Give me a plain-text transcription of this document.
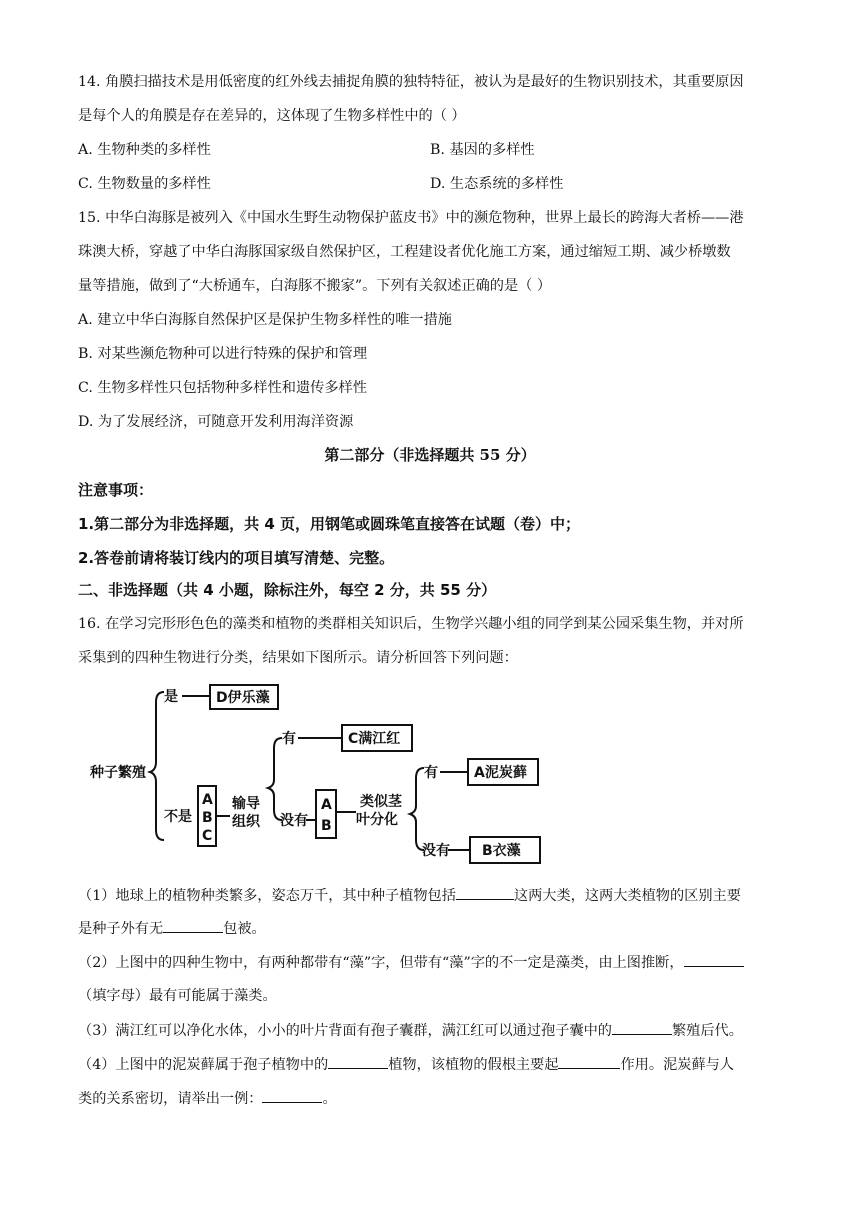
14. 角膜扫描技术是用低密度的红外线去捕捉角膜的独特特征，被认为是最好的生物识别技术，其重要原因
是每个人的角膜是存在差异的，这体现了生物多样性中的（ ）
A. 生物种类的多样性	B. 基因的多样性
C. 生物数量的多样性	D. 生态系统的多样性
15. 中华白海豚是被列入《中国水生野生动物保护蓝皮书》中的濒危物种，世界上最长的跨海大者桥——港
珠澳大桥，穿越了中华白海豚国家级自然保护区，工程建设者优化施工方案，通过缩短工期、减少桥墩数
量等措施，做到了“大桥通车，白海豚不搬家”。下列有关叙述正确的是（ ）
A. 建立中华白海豚自然保护区是保护生物多样性的唯一措施
B. 对某些濒危物种可以进行特殊的保护和管理
C. 生物多样性只包括物种多样性和遗传多样性
D. 为了发展经济，可随意开发利用海洋资源
第二部分（非选择题共 55 分）
注意事项：
1.第二部分为非选择题，共 4 页，用钢笔或圆珠笔直接答在试题（卷）中；
2.答卷前请将装订线内的项目填写清楚、完整。
二、非选择题（共 4 小题，除标注外，每空 2 分，共 55 分）
16. 在学习完形形色色的藻类和植物的类群相关知识后，生物学兴趣小组的同学到某公园采集生物，并对所
采集到的四种生物进行分类，结果如下图所示。请分析回答下列问题：
种子繁殖
是
不是
D伊乐藻
A
B
C
输导
组织
有
没有
C满江红
A
B
类似茎
叶分化
有
没有
A泥炭藓
B衣藻
（1）地球上的植物种类繁多，姿态万千，其中种子植物包括	这两大类，这两大类植物的区别主要
是种子外有无	包被。
（2）上图中的四种生物中，有两种都带有“藻”字，但带有“藻”字的不一定是藻类，由上图推断，
（填字母）最有可能属于藻类。
（3）满江红可以净化水体，小小的叶片背面有孢子囊群，满江红可以通过孢子囊中的	繁殖后代。
（4）上图中的泥炭藓属于孢子植物中的	植物，该植物的假根主要起	作用。泥炭藓与人
类的关系密切，请举出一例：	。
